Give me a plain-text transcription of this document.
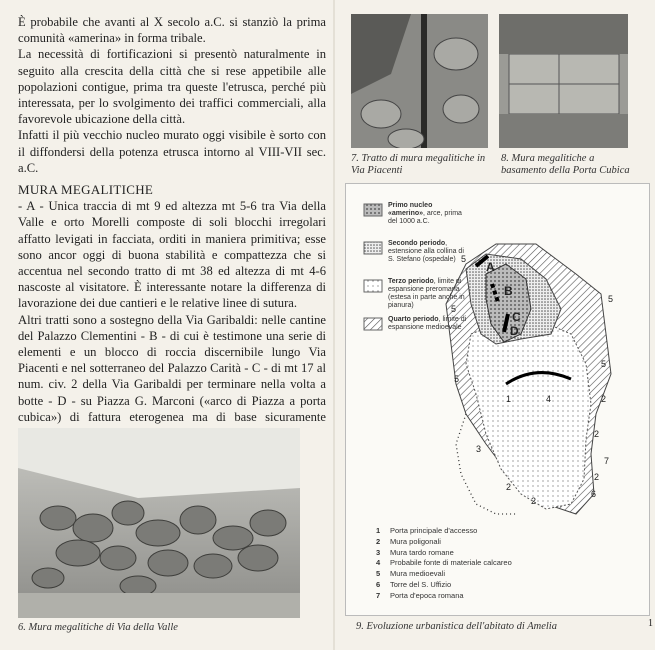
È probabile che avanti al X secolo a.C. si stanziò la prima comunità «amerina» in forma tribale.

La necessità di fortificazioni si presentò naturalmente in seguito alla crescita della città che si rese appetibile alle popolazioni contigue, prima tra queste l'etrusca, perché più interessata, per lo svolgimento dei traffici commerciali, alla favorevole ubicazione della città.

Infatti il più vecchio nucleo murato oggi visibile è sorto con il diffondersi della potenza etrusca intorno al VIII-VII sec. a.C.

MURA MEGALITICHE

- A - Unica traccia di mt 9 ed altezza mt 5-6 tra Via della Valle e orto Morelli composte di soli blocchi irregolari affatto levigati in facciata, orditi in maniera primitiva; esse sono ancor oggi di buona stabilità e compattezza che si accentua nel secondo tratto di mt 38 ed altezza di mt 4-6 nascoste al visitatore. È interessante notare la differenza di lavorazione dei due cantieri e le relative linee di sutura.

Altri tratti sono a sostegno della Via Garibaldi: nelle cantine del Palazzo Clementini - B - di cui è testimone una serie di elementi e un blocco di roccia discernibile lungo Via Piacenti e nel sotterraneo del Palazzo Carità - C - di mt 17 al num. civ. 2 della Via Garibaldi per terminare nella volta a botte - D - su Piazza G. Marconi («arco di Piazza a porta cubica») di fattura eterogenea ma di base sicuramente

6. Mura megalitiche di Via della Valle
7. Tratto di mura megalitiche in Via Piacenti
8. Mura megalitiche a basamento della Porta Cubica
Primo nucleo «amerino», arce, prima del 1000 a.C.
Secondo periodo, estensione alla collina di S. Stefano (ospedale)
Terzo periodo, limite di espansione preromana (estesa in parte anche in pianura)
Quarto periodo, limite di espansione medioevale
A
B
C
D
5
5
5
5
5
1	4
3
2
2
2
2
7
6
2
1 Porta principale d'accesso
2 Mura poligonali
3 Mura tardo romane
4 Probabile fonte di materiale calcareo
5 Mura medioevali
6 Torre del S. Uffizio
7 Porta d'epoca romana
9. Evoluzione urbanistica dell'abitato di Amelia	1
